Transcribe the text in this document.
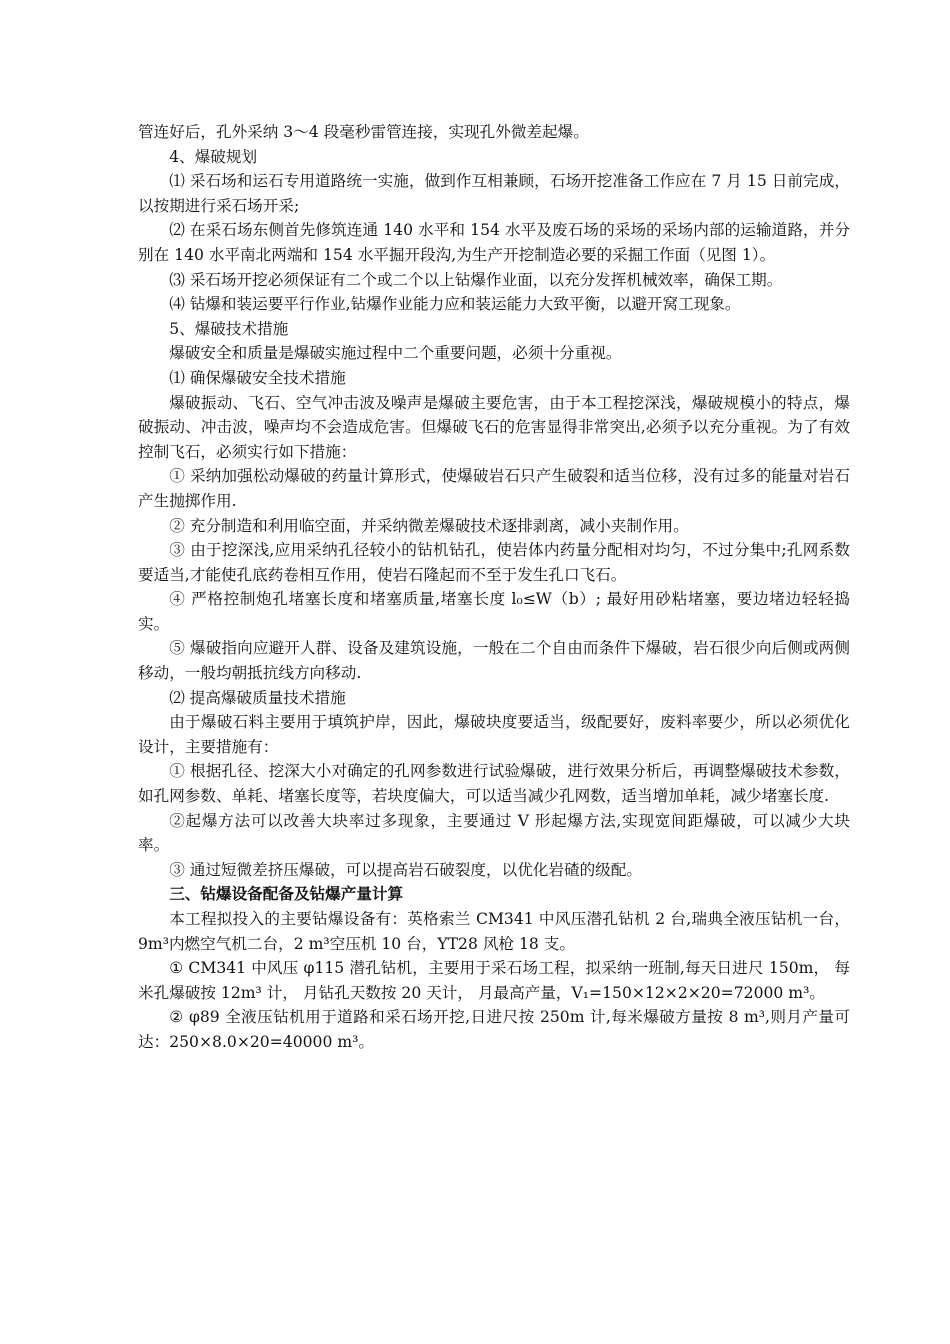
管连好后，孔外采纳 3～4 段毫秒雷管连接，实现孔外微差起爆。

4、爆破规划

⑴ 采石场和运石专用道路统一实施，做到作互相兼顾，石场开挖准备工作应在 7 月 15 日前完成，以按期进行采石场开采;

⑵ 在采石场东侧首先修筑连通 140 水平和 154 水平及废石场的采场的采场内部的运输道路，并分别在 140 水平南北两端和 154 水平掘开段沟,为生产开挖制造必要的采掘工作面（见图 1）。

⑶ 采石场开挖必须保证有二个或二个以上钻爆作业面，以充分发挥机械效率，确保工期。

⑷ 钻爆和装运要平行作业,钻爆作业能力应和装运能力大致平衡，以避开窝工现象。

5、爆破技术措施

爆破安全和质量是爆破实施过程中二个重要问题，必须十分重视。

⑴ 确保爆破安全技术措施

爆破振动、飞石、空气冲击波及噪声是爆破主要危害，由于本工程挖深浅，爆破规模小的特点，爆破振动、冲击波，噪声均不会造成危害。但爆破飞石的危害显得非常突出,必须予以充分重视。为了有效控制飞石，必须实行如下措施：

① 采纳加强松动爆破的药量计算形式，使爆破岩石只产生破裂和适当位移，没有过多的能量对岩石产生抛掷作用.

② 充分制造和利用临空面，并采纳微差爆破技术逐排剥离，减小夹制作用。

③ 由于挖深浅,应用采纳孔径较小的钻机钻孔，使岩体内药量分配相对均匀，不过分集中;孔网系数要适当,才能使孔底药卷相互作用，使岩石隆起而不至于发生孔口飞石。

④ 严格控制炮孔堵塞长度和堵塞质量,堵塞长度 l₀≤W（b）; 最好用砂粘堵塞，要边堵边轻轻捣实。

⑤ 爆破指向应避开人群、设备及建筑设施，一般在二个自由而条件下爆破，岩石很少向后侧或两侧移动，一般均朝抵抗线方向移动.

⑵ 提高爆破质量技术措施

由于爆破石料主要用于填筑护岸，因此，爆破块度要适当，级配要好，废料率要少，所以必须优化设计，主要措施有：

① 根据孔径、挖深大小对确定的孔网参数进行试验爆破，进行效果分析后，再调整爆破技术参数，如孔网参数、单耗、堵塞长度等，若块度偏大，可以适当减少孔网数，适当增加单耗，减少堵塞长度.

②起爆方法可以改善大块率过多现象，主要通过 V 形起爆方法,实现宽间距爆破，可以减少大块率。

③ 通过短微差挤压爆破，可以提高岩石破裂度，以优化岩碴的级配。

三、钻爆设备配备及钻爆产量计算

本工程拟投入的主要钻爆设备有：英格索兰 CM341 中风压潜孔钻机 2 台,瑞典全液压钻机一台，9m³内燃空气机二台，2 m³空压机 10 台，YT28 风枪 18 支。

① CM341 中风压 φ115 潜孔钻机，主要用于采石场工程，拟采纳一班制,每天日进尺 150m， 每米孔爆破按 12m³ 计， 月钻孔天数按 20 天计， 月最高产量，V₁=150×12×2×20=72000 m³。

② φ89 全液压钻机用于道路和采石场开挖,日进尺按 250m 计,每米爆破方量按 8 m³,则月产量可达：250×8.0×20=40000 m³。
